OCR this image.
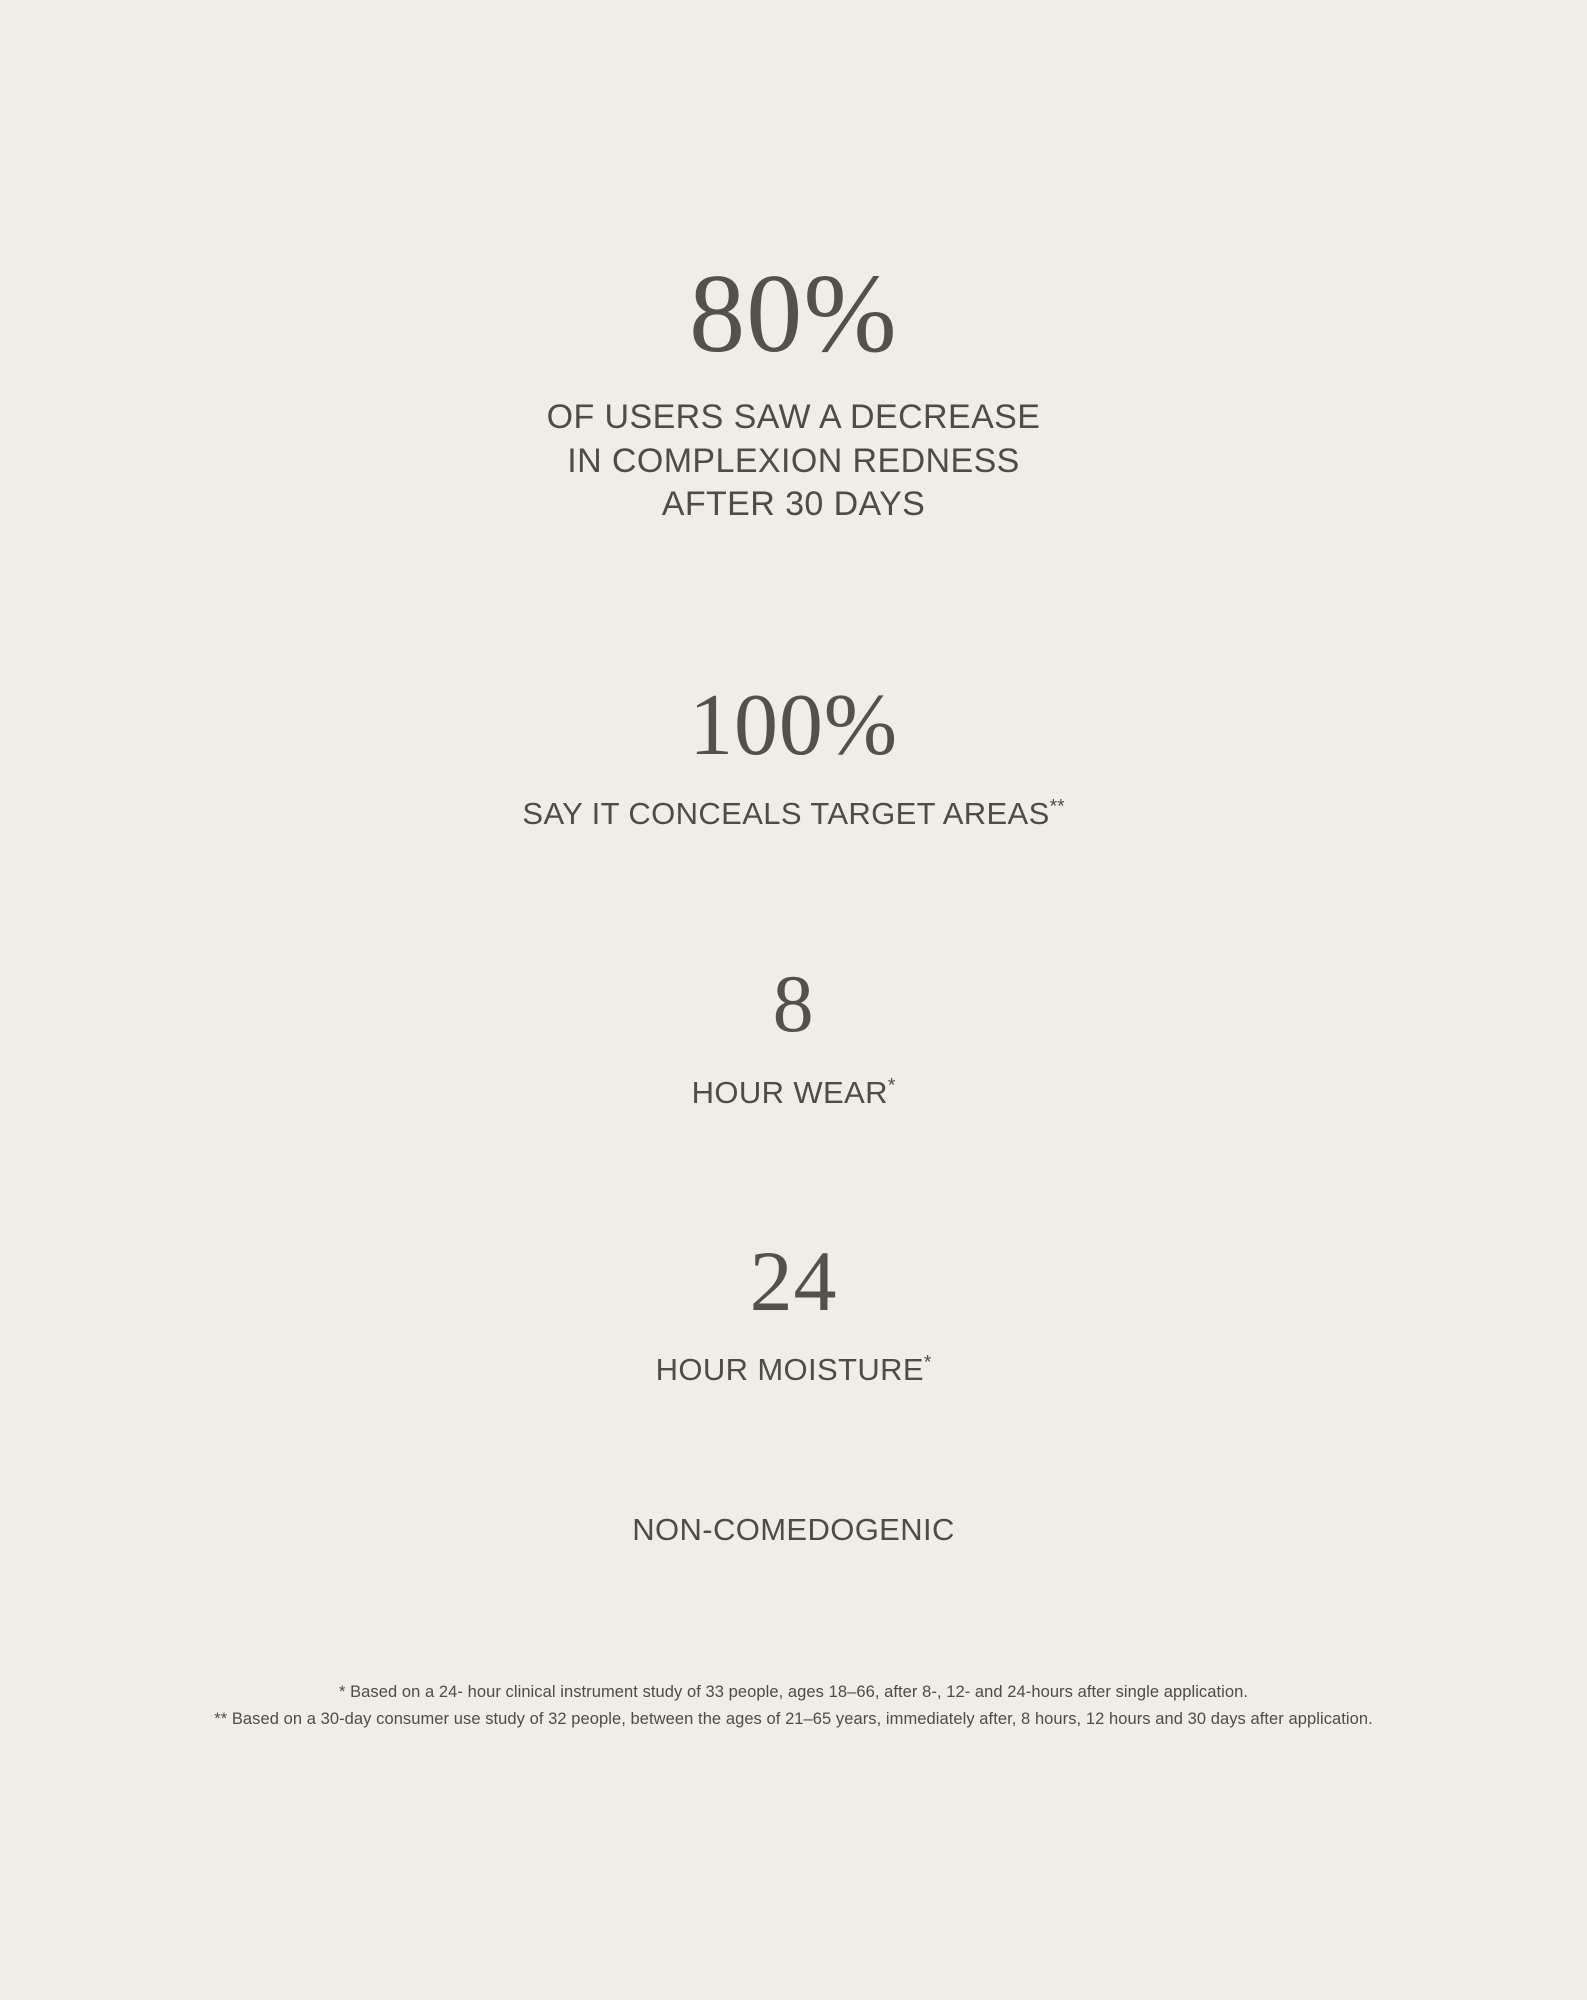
80%
OF USERS SAW A DECREASE
IN COMPLEXION REDNESS
AFTER 30 DAYS
100%
SAY IT CONCEALS TARGET AREAS**
8
HOUR WEAR*
24
HOUR MOISTURE*
NON-COMEDOGENIC
* Based on a 24- hour clinical instrument study of 33 people, ages 18–66, after 8-, 12- and 24-hours after single application.
** Based on a 30-day consumer use study of 32 people, between the ages of 21–65 years, immediately after, 8 hours, 12 hours and 30 days after application.
